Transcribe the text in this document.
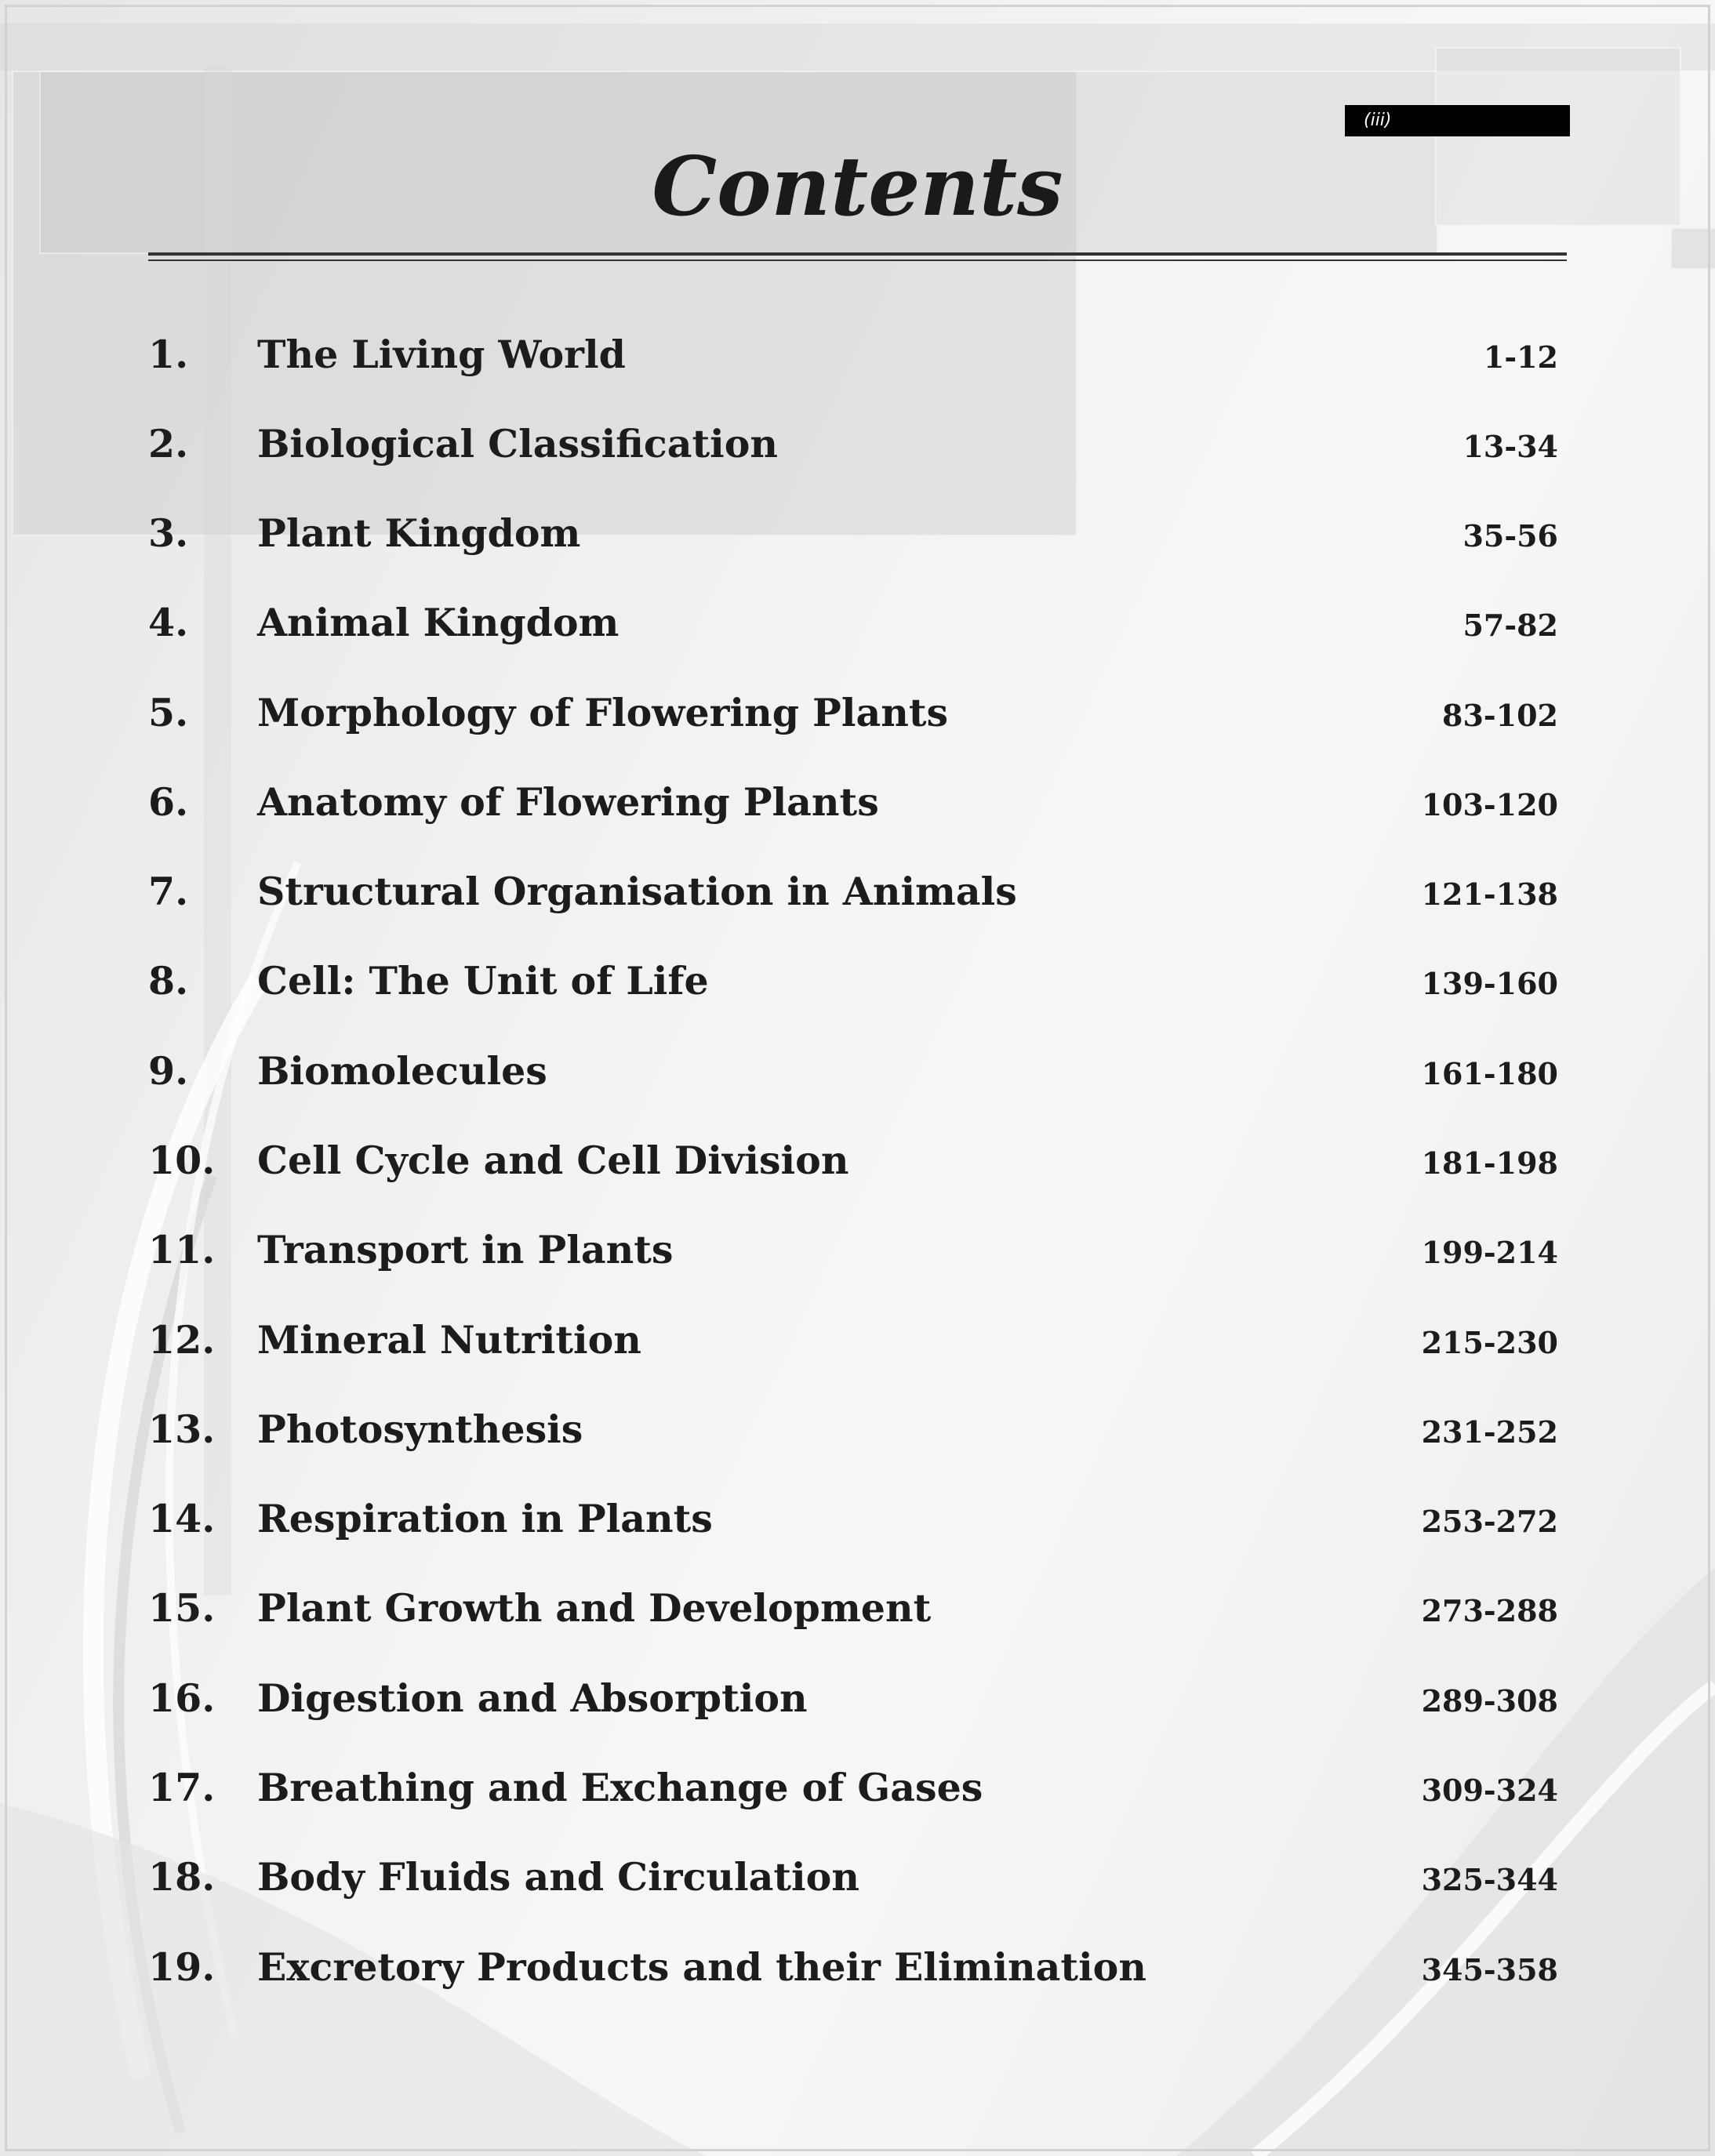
(iii)
Contents
1. The Living World	1-12
2. Biological Classification	13-34
3. Plant Kingdom	35-56
4. Animal Kingdom	57-82
5. Morphology of Flowering Plants	83-102
6. Anatomy of Flowering Plants	103-120
7. Structural Organisation in Animals	121-138
8. Cell: The Unit of Life	139-160
9. Biomolecules	161-180
10. Cell Cycle and Cell Division	181-198
11. Transport in Plants	199-214
12. Mineral Nutrition	215-230
13. Photosynthesis	231-252
14. Respiration in Plants	253-272
15. Plant Growth and Development	273-288
16. Digestion and Absorption	289-308
17. Breathing and Exchange of Gases	309-324
18. Body Fluids and Circulation	325-344
19. Excretory Products and their Elimination	345-358
